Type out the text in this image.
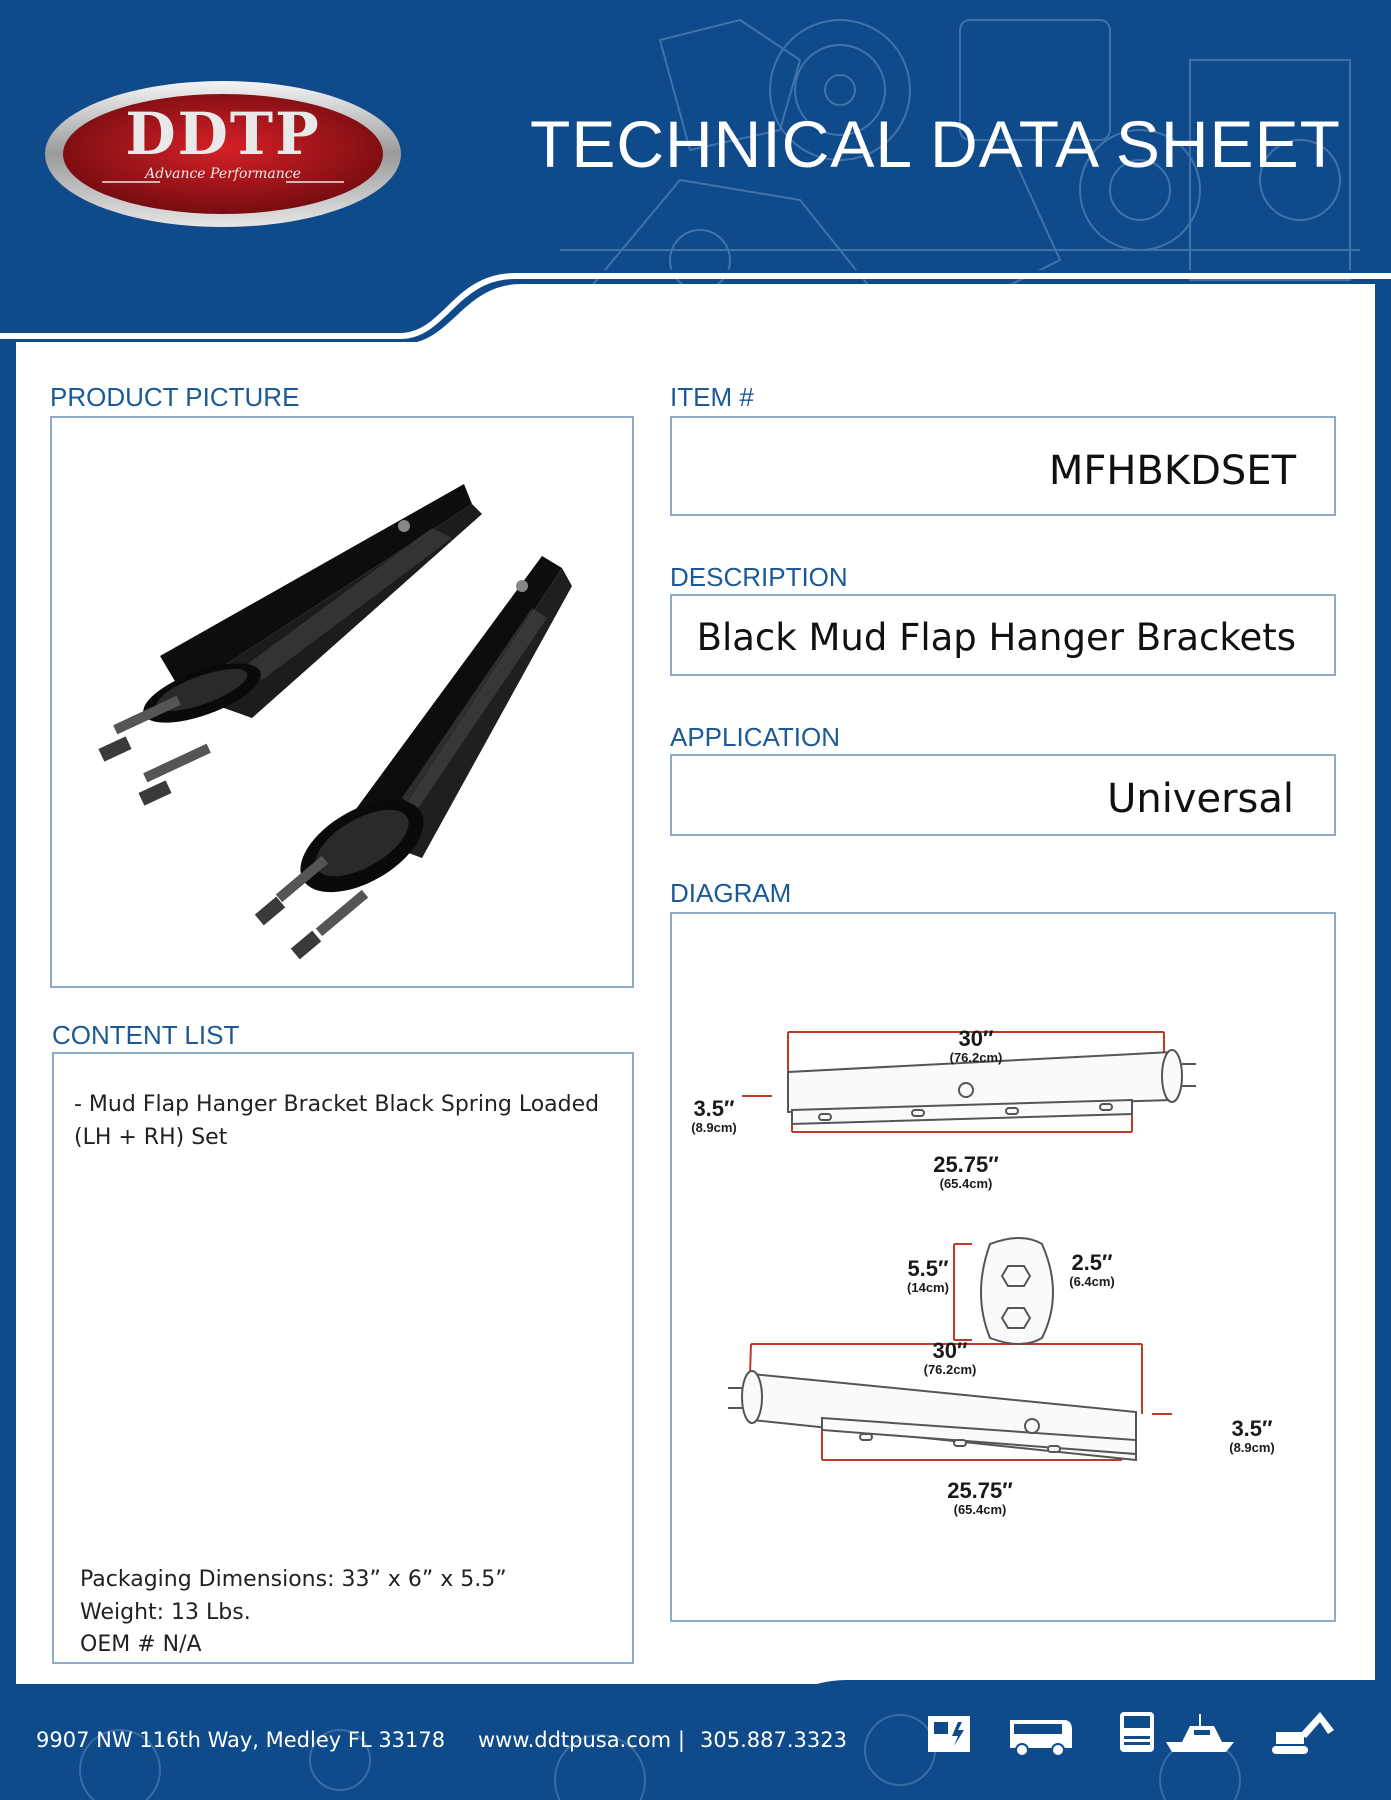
DDTP
Advance Performance	TECHNICAL DATA SHEET
PRODUCT PICTURE	ITEM #
MFHBKDSET
DESCRIPTION
Black Mud Flap Hanger Brackets
APPLICATION
Universal
DIAGRAM
30″
(76.2cm)
3.5″
(8.9cm)
25.75″
(65.4cm)
5.5″
(14cm)
2.5″
(6.4cm)
30″
(76.2cm)
3.5″
(8.9cm)
25.75″
(65.4cm)
CONTENT LIST
- Mud Flap Hanger Bracket Black Spring Loaded
(LH + RH) Set
Packaging Dimensions: 33” x 6” x 5.5”
Weight: 13 Lbs.
OEM # N/A
9907 NW 116th Way, Medley FL 33178 www.ddtpusa.com | 305.887.3323
